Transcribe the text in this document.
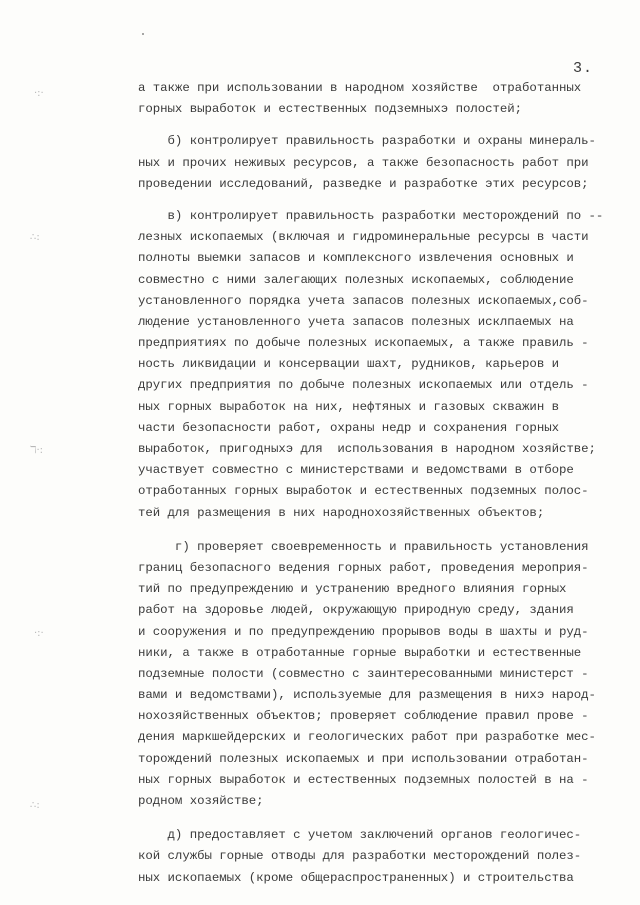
3.
·:·
∴:
ℸ·:
·:·
∴:
а также при использовании в народном хозяйстве  отработанных
горных выработок и естественных подземныхэ полостей;
б) контролирует правильность разработки и охраны минераль-
ных и прочих неживых ресурсов, а также безопасность работ при
проведении исследований, разведке и разработке этих ресурсов;
в) контролирует правильность разработки месторождений по --
лезных ископаемых (включая и гидроминеральные ресурсы в части
полноты выемки запасов и комплексного извлечения основных и
совместно с ними залегающих полезных ископаемых, соблюдение
установленного порядка учета запасов полезных ископаемых,соб-
людение установленного учета запасов полезных исклпаемых на
предприятиях по добыче полезных ископаемых, а также правиль -
ность ликвидации и консервации шахт, рудников, карьеров и
других предприятия по добыче полезных ископаемых или отдель -
ных горных выработок на них, нефтяных и газовых скважин в
части безопасности рабoт, охраны недр и сохранения горных
выработок, пригодныхэ для  использования в народном хозяйстве;
участвует совместно с министерствами и ведомствами в отборе
отработанных горных выработок и естественных подземных полос-
тей для размещения в них народнохозяйственных объектов;
г) проверяет своевременность и правильность установления
границ безопасного ведения горных работ, проведения мероприя-
тий по предупреждению и устранению вредного влияния горных
работ на здоровье людей, окружающую природную среду, здания
и сооружения и по предупреждению прорывов воды в шахты и руд-
ники, а также в отработанные горные выработки и естественные
подземные полости (совместно с заинтересованными министерст -
вами и ведомствами), используемые для размещения в нихэ народ-
нохозяйственных объектов; проверяет соблюдение правил прове -
дения маркшейдерских и геологических работ при разработке мес-
торождений полезных ископаемых и при использовании отработан-
ных горных выработок и естественных подземных полостей в на -
родном хозяйстве;
д) предоставляет с учетом заключений органов геологичес-
кой службы горные отводы для разработки месторождений полез-
ных ископаемых (кроме общераспространенных) и строительства
